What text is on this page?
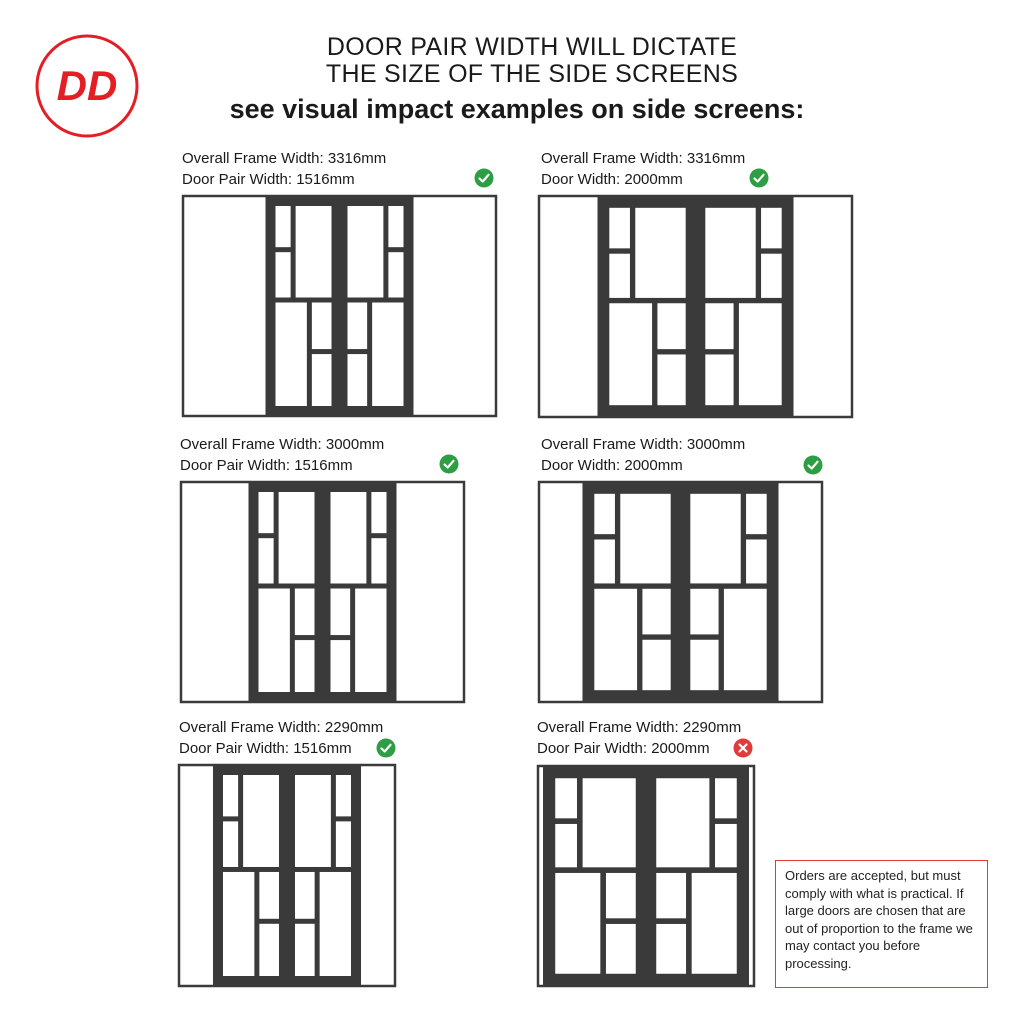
DD
DOOR PAIR WIDTH WILL DICTATE
THE SIZE OF THE SIDE SCREENS
see visual impact examples on side screens:
Overall Frame Width: 3316mm
Door Pair Width: 1516mm
Overall Frame Width: 3316mm
Door Width: 2000mm
Overall Frame Width: 3000mm
Door Pair Width: 1516mm
Overall Frame Width: 3000mm
Door Width: 2000mm
Overall Frame Width: 2290mm
Door Pair Width: 1516mm
Overall Frame Width: 2290mm
Door Pair Width: 2000mm
Orders are accepted, but must comply with what is practical. If large doors are chosen that are out of proportion to the frame we may contact you before processing.
